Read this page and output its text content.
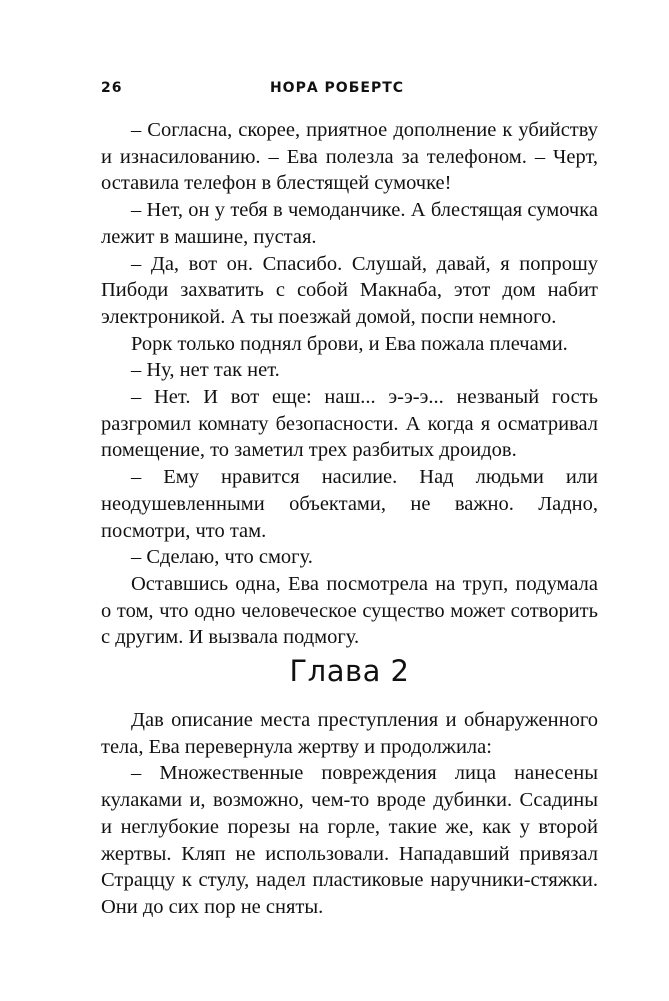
26	НОРА РОБЕРТС

– Согласна, скорее, приятное дополнение к убийству и изнасилованию. – Ева полезла за телефоном. – Черт, оставила телефон в блестящей сумочке!

– Нет, он у тебя в чемоданчике. А блестящая сумочка лежит в машине, пустая.

– Да, вот он. Спасибо. Слушай, давай, я попрошу Пибоди захватить с собой Макнаба, этот дом набит электроникой. А ты поезжай домой, поспи немного.

Рорк только поднял брови, и Ева пожала плечами.

– Ну, нет так нет.

– Нет. И вот еще: наш... э-э-э... незваный гость разгромил комнату безопасности. А когда я осматривал помещение, то заметил трех разбитых дроидов.

– Ему нравится насилие. Над людьми или неодушевленными объектами, не важно. Ладно, посмотри, что там.

– Сделаю, что смогу.

Оставшись одна, Ева посмотрела на труп, подумала о том, что одно человеческое существо может сотворить с другим. И вызвала подмогу.

Глава 2

Дав описание места преступления и обнаруженного тела, Ева перевернула жертву и продолжила:

– Множественные повреждения лица нанесены кулаками и, возможно, чем-то вроде дубинки. Ссадины и неглубокие порезы на горле, такие же, как у второй жертвы. Кляп не использовали. Нападавший привязал Страццу к стулу, надел пластиковые наручники-стяжки. Они до сих пор не сняты.
